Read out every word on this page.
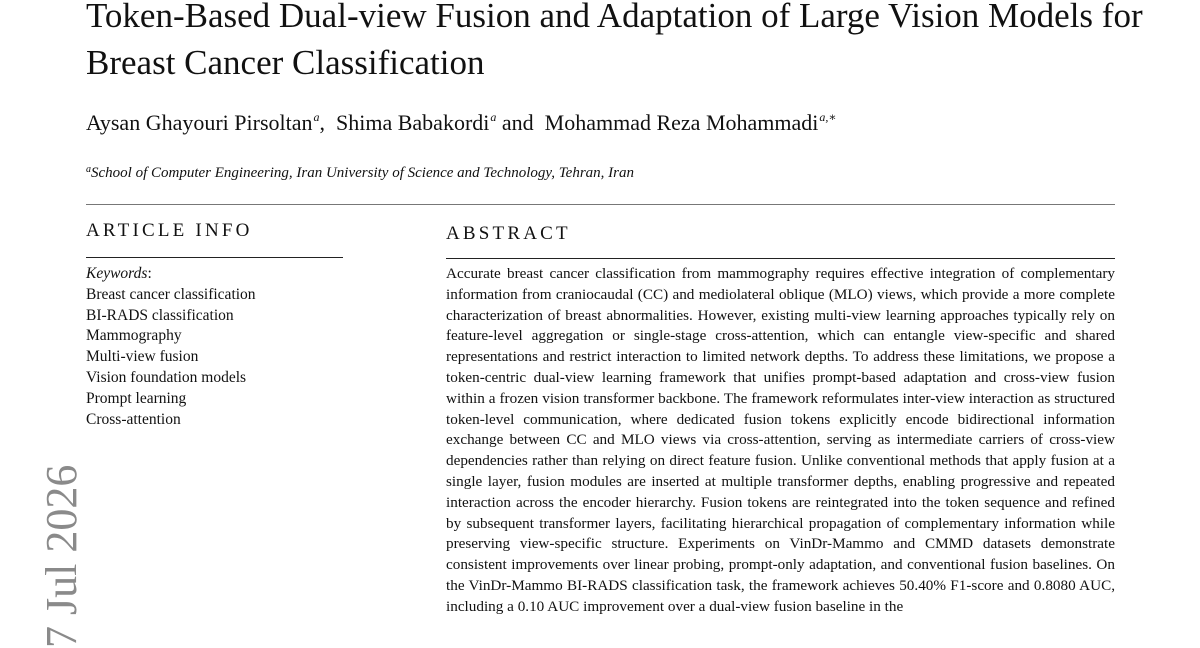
Token-Based Dual-view Fusion and Adaptation of Large Vision Models for Breast Cancer Classification
Aysan Ghayouri Pirsoltan$^a$, Shima Babakordi$^a$ and Mohammad Reza Mohammadi$^{a,∗}$
$^a$School of Computer Engineering, Iran University of Science and Technology, Tehran, Iran
ARTICLE INFO
Keywords:
Breast cancer classification
BI-RADS classification
Mammography
Multi-view fusion
Vision foundation models
Prompt learning
Cross-attention
ABSTRACT

Accurate breast cancer classification from mammography requires effective integration of complementary information from craniocaudal (CC) and mediolateral oblique (MLO) views, which provide a more complete characterization of breast abnormalities. However, existing multi-view learning approaches typically rely on feature-level aggregation or single-stage cross-attention, which can entangle view-specific and shared representations and restrict interaction to limited network depths. To address these limitations, we propose a token-centric dual-view learning framework that unifies prompt-based adaptation and cross-view fusion within a frozen vision transformer backbone. The framework reformulates inter-view interaction as structured token-level communication, where dedicated fusion tokens explicitly encode bidirectional information exchange between CC and MLO views via cross-attention, serving as intermediate carriers of cross-view dependencies rather than relying on direct feature fusion. Unlike conventional methods that apply fusion at a single layer, fusion modules are inserted at multiple transformer depths, enabling progressive and repeated interaction across the encoder hierarchy. Fusion tokens are reintegrated into the token sequence and refined by subsequent transformer layers, facilitating hierarchical propagation of complementary information while preserving view-specific structure. Experiments on VinDr-Mammo and CMMD datasets demonstrate consistent improvements over linear probing, prompt-only adaptation, and conventional fusion baselines. On the VinDr-Mammo BI-RADS classification task, the framework achieves 50.40% F1-score and 0.8080 AUC, including a 0.10 AUC improvement over a dual-view fusion baseline in the

7 Jul 2026
